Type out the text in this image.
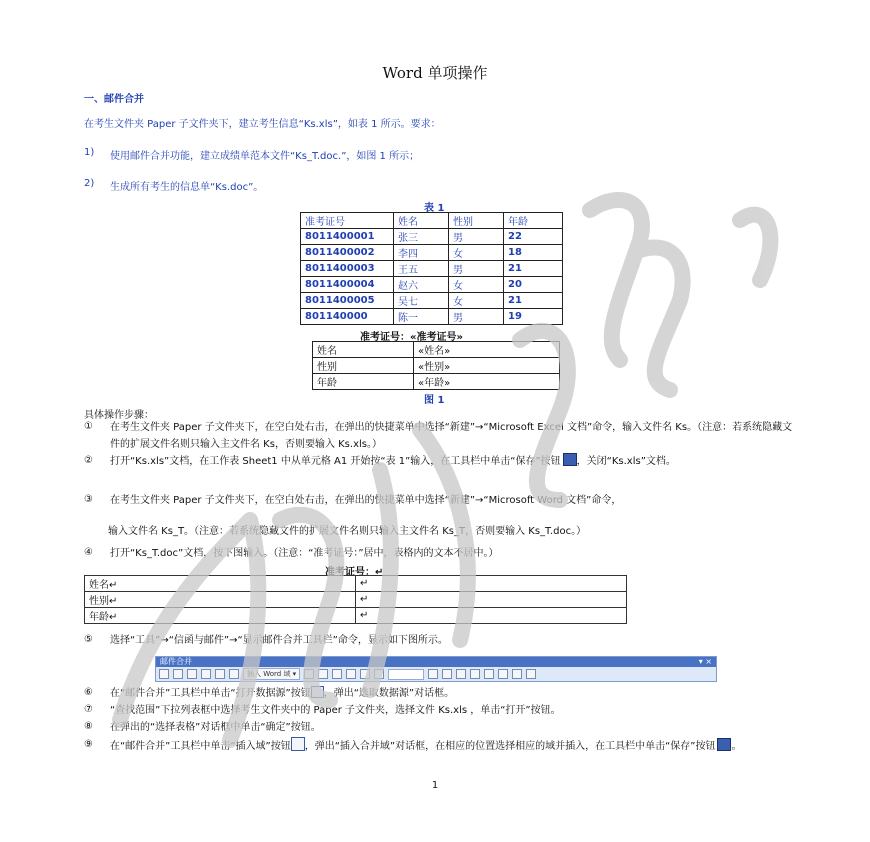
Word 单项操作
一、邮件合并
在考生文件夹 Paper 子文件夹下，建立考生信息“Ks.xls”，如表 1 所示。要求：
1) 使用邮件合并功能，建立成绩单范本文件“Ks_T.doc.”，如图 1 所示；
2) 生成所有考生的信息单“Ks.doc”。
表 1
准考证号	姓名	性别	年龄
8011400001	张三	男	22
8011400002	李四	女	18
8011400003	王五	男	21
8011400004	赵六	女	20
8011400005	吴七	女	21
801140000	陈一	男	19
准考证号：«准考证号»
姓名	«姓名»
性别	«性别»
年龄	«年龄»
图 1
具体操作步骤：
① 在考生文件夹 Paper 子文件夹下，在空白处右击，在弹出的快捷菜单中选择“新建”→“Microsoft Excel 文档”命令，输入文件名 Ks。（注意：若系统隐藏文件的扩展文件名则只输入主文件名 Ks，否则要输入 Ks.xls。）
② 打开“Ks.xls”文档，在工作表 Sheet1 中从单元格 A1 开始按“表 1”输入，在工具栏中单击“保存”按钮 ，关闭“Ks.xls”文档。
③ 在考生文件夹 Paper 子文件夹下，在空白处右击，在弹出的快捷菜单中选择“新建”→“Microsoft Word 文档”命令，
输入文件名 Ks_T。（注意：若系统隐藏文件的扩展文件名则只输入主文件名 Ks_T，否则要输入 Ks_T.doc。）
④ 打开“Ks_T.doc”文档，按下图输入。（注意：“准考证号：”居中，表格内的文本不居中。）
准考证号：↵
姓名↵	↵
性别↵	↵
年龄↵	↵
⑤ 选择“工具”→“信函与邮件”→“显示邮件合并工具栏”命令，显示如下图所示。
邮件合并	▾ ×
插入 Word 域 ▾
⑥ 在“邮件合并”工具栏中单击“打开数据源”按钮 ，弹出“选取数据源”对话框。
⑦ “查找范围”下拉列表框中选择考生文件夹中的 Paper 子文件夹，选择文件 Ks.xls ，单击“打开”按钮。
⑧ 在弹出的“选择表格”对话框中单击“确定”按钮。
⑨ 在“邮件合并”工具栏中单击“插入域”按钮 ，弹出“插入合并域”对话框，在相应的位置选择相应的域并插入，在工具栏中单击“保存”按钮 。
1
